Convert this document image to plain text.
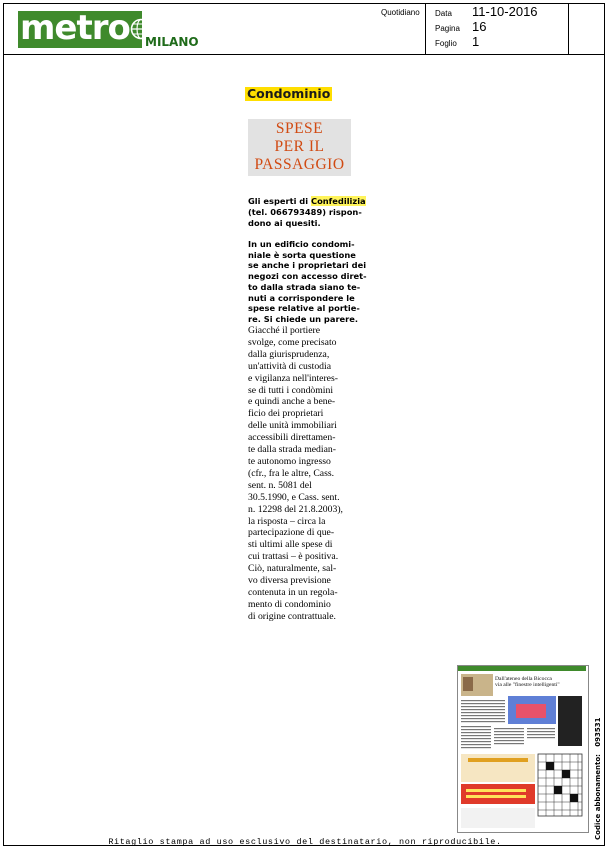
metro MILANO
Quotidiano Data 11-10-2016
Pagina 16
Foglio 1
Condominio
SPESE
PER IL
PASSAGGIO
Gli esperti di Confedilizia
(tel. 066793489) rispon-
dono ai quesiti.
In un edificio condomi-
niale è sorta questione
se anche i proprietari dei
negozi con accesso diret-
to dalla strada siano te-
nuti a corrispondere le
spese relative al portie-
re. Si chiede un parere.
Giacché il portiere
svolge, come precisato
dalla giurisprudenza,
un'attività di custodia
e vigilanza nell'interes-
se di tutti i condòmini
e quindi anche a bene-
ficio dei proprietari
delle unità immobiliari
accessibili direttamen-
te dalla strada median-
te autonomo ingresso
(cfr., fra le altre, Cass.
sent. n. 5081 del
30.5.1990, e Cass. sent.
n. 12298 del 21.8.2003),
la risposta – circa la
partecipazione di que-
sti ultimi alle spese di
cui trattasi – è positiva.
Ciò, naturalmente, sal-
vo diversa previsione
contenuta in un regola-
mento di condominio
di origine contrattuale.
Dall'ateneo della Bicocca
via alle "finestre intelligenti"
Ritaglio stampa ad uso esclusivo del destinatario, non riproducibile.
Codice abbonamento:   093531
